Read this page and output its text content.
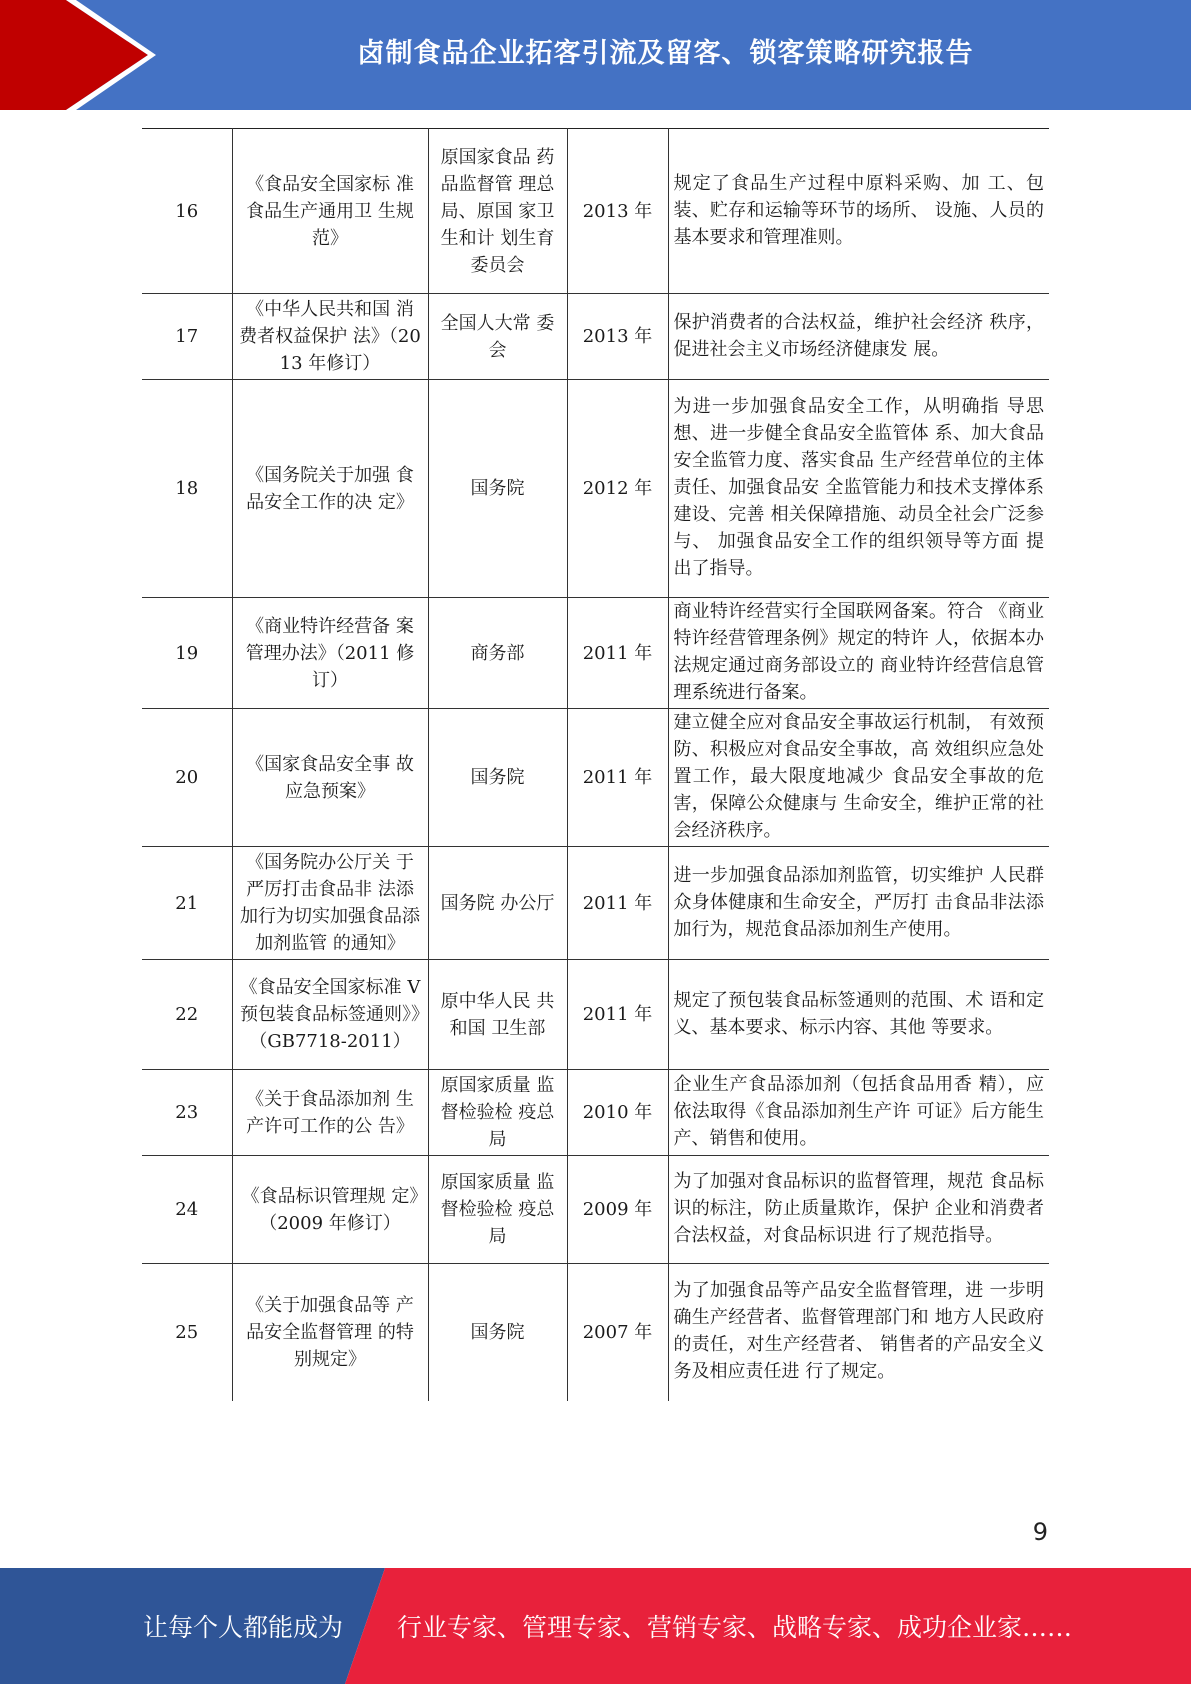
卤制食品企业拓客引流及留客、锁客策略研究报告
16	《食品安全国家标 准食品生产通用卫 生规范》	原国家食品 药品监督管 理总局、原国 家卫生和计 划生育委员会	2013 年	规定了食品生产过程中原料采购、加 工、包装、贮存和运输等环节的场所、 设施、人员的基本要求和管理准则。
17	《中华人民共和国 消费者权益保护 法》（2013 年修订）	全国人大常 委会	2013 年	保护消费者的合法权益，维护社会经济 秩序，促进社会主义市场经济健康发 展。
18	《国务院关于加强 食品安全工作的决 定》	国务院	2012 年	为进一步加强食品安全工作，从明确指 导思想、进一步健全食品安全监管体 系、加大食品安全监管力度、落实食品 生产经营单位的主体责任、加强食品安 全监管能力和技术支撑体系建设、完善 相关保障措施、动员全社会广泛参与、 加强食品安全工作的组织领导等方面 提出了指导。
19	《商业特许经营备 案管理办法》（2011 修订）	商务部	2011 年	商业特许经营实行全国联网备案。符合 《商业特许经营管理条例》规定的特许 人，依据本办法规定通过商务部设立的 商业特许经营信息管理系统进行备案。
20	《国家食品安全事 故应急预案》	国务院	2011 年	建立健全应对食品安全事故运行机制， 有效预防、积极应对食品安全事故，高 效组织应急处置工作，最大限度地减少 食品安全事故的危害，保障公众健康与 生命安全，维护正常的社会经济秩序。
21	《国务院办公厅关 于严厉打击食品非 法添加行为切实加强食品添加剂监管 的通知》	国务院 办公厅	2011 年	进一步加强食品添加剂监管，切实维护 人民群众身体健康和生命安全，严厉打 击食品非法添加行为，规范食品添加剂生产使用。
22	《食品安全国家标准 V 预包装食品标签通则》》（GB7718-2011）	原中华人民 共和国 卫生部	2011 年	规定了预包装食品标签通则的范围、术 语和定义、基本要求、标示内容、其他 等要求。
23	《关于食品添加剂 生产许可工作的公 告》	原国家质量 监督检验检 疫总局	2010 年	企业生产食品添加剂（包括食品用香 精），应依法取得《食品添加剂生产许 可证》后方能生产、销售和使用。
24	《食品标识管理规 定》（2009 年修订）	原国家质量 监督检验检 疫总局	2009 年	为了加强对食品标识的监督管理，规范 食品标识的标注，防止质量欺诈，保护 企业和消费者合法权益，对食品标识进 行了规范指导。
25	《关于加强食品等 产品安全监督管理 的特别规定》	国务院	2007 年	为了加强食品等产品安全监督管理，进 一步明确生产经营者、监督管理部门和 地方人民政府的责任，对生产经营者、 销售者的产品安全义务及相应责任进 行了规定。
9
让每个人都能成为 行业专家、管理专家、营销专家、战略专家、成功企业家……
